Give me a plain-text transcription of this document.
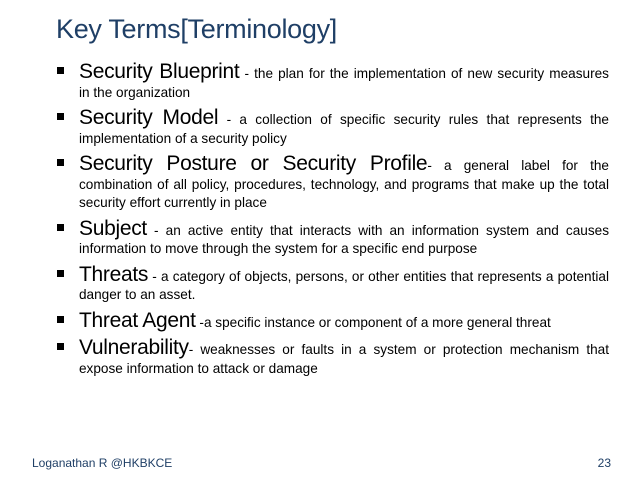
Key Terms[Terminology]
Security Blueprint - the plan for the implementation of new security measures in the organization
Security Model - a collection of specific security rules that represents the implementation of a security policy
Security Posture or Security Profile- a general label for the combination of all policy, procedures, technology, and programs that make up the total security effort currently in place
Subject - an active entity that interacts with an information system and causes information to move through the system for a specific end purpose
Threats - a category of objects, persons, or other entities that represents a potential danger to an asset.
Threat Agent -a specific instance or component of a more general threat
Vulnerability- weaknesses or faults in a system or protection mechanism that expose information to attack or damage
Loganathan R @HKBKCE	23
